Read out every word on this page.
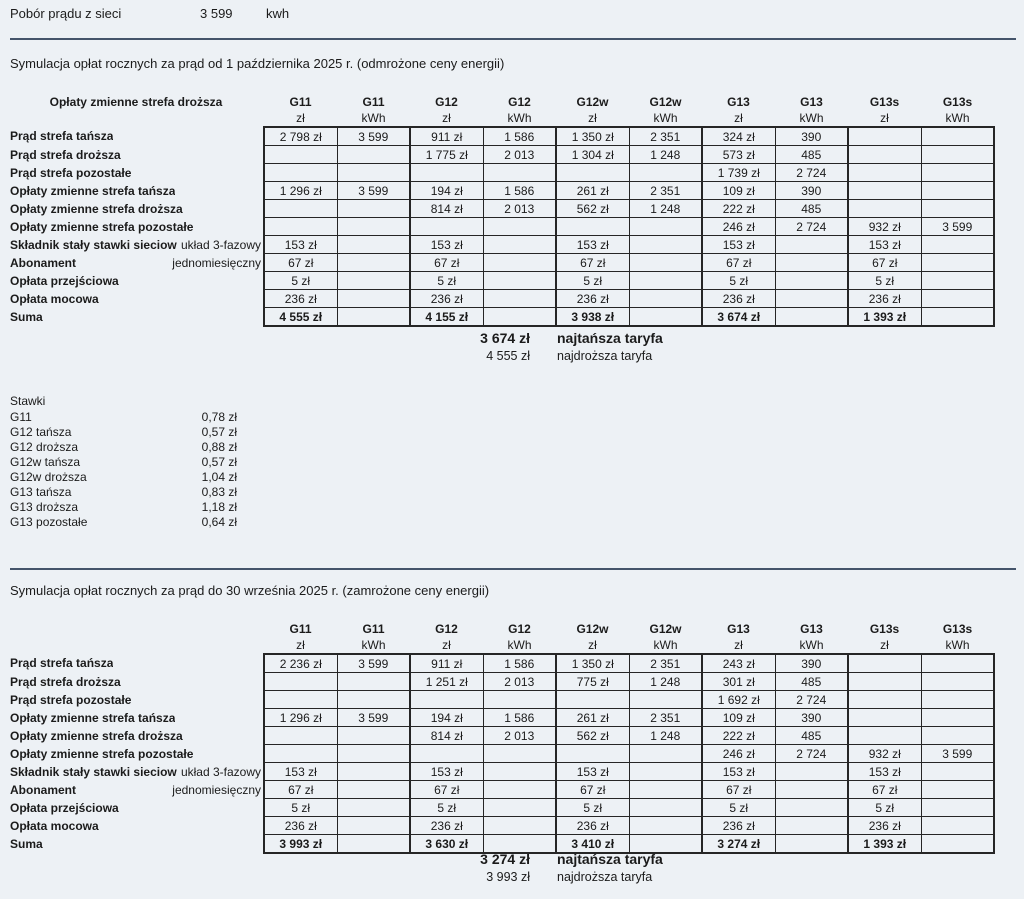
Pobór prądu z sieci	3 599	kwh
Symulacja opłat rocznych za prąd od 1 października 2025 r. (odmrożone ceny energii)
Opłaty zmienne strefa droższa	G11	G11	G12	G12	G12w	G12w	G13	G13	G13s	G13s
	zł	kWh	zł	kWh	zł	kWh	zł	kWh	zł	kWh

Prąd strefa tańsza	2 798 zł	3 599	911 zł	1 586	1 350 zł	2 351	324 zł	390		

Prąd strefa droższa			1 775 zł	2 013	1 304 zł	1 248	573 zł	485		

Prąd strefa pozostałe							1 739 zł	2 724		

Opłaty zmienne strefa tańsza	1 296 zł	3 599	194 zł	1 586	261 zł	2 351	109 zł	390		

Opłaty zmienne strefa droższa			814 zł	2 013	562 zł	1 248	222 zł	485		

Opłaty zmienne strefa pozostałe							246 zł	2 724	932 zł	3 599

Składnik stały stawki sieciow układ 3-fazowy	153 zł		153 zł		153 zł		153 zł		153 zł	

Abonament jednomiesięczny	67 zł		67 zł		67 zł		67 zł		67 zł	

Opłata przejściowa	5 zł		5 zł		5 zł		5 zł		5 zł	

Opłata mocowa	236 zł		236 zł		236 zł		236 zł		236 zł	

Suma	4 555 zł		4 155 zł		3 938 zł		3 674 zł		1 393 zł	
3 674 zł najtańsza taryfa
4 555 zł najdroższa taryfa
Stawki
G11	0,78 zł
G12 tańsza	0,57 zł
G12 droższa	0,88 zł
G12w tańsza	0,57 zł
G12w droższa	1,04 zł
G13 tańsza	0,83 zł
G13 droższa	1,18 zł
G13 pozostałe	0,64 zł
Symulacja opłat rocznych za prąd do 30 września 2025 r. (zamrożone ceny energii)
	G11	G11	G12	G12	G12w	G12w	G13	G13	G13s	G13s
	zł	kWh	zł	kWh	zł	kWh	zł	kWh	zł	kWh

Prąd strefa tańsza	2 236 zł	3 599	911 zł	1 586	1 350 zł	2 351	243 zł	390		

Prąd strefa droższa			1 251 zł	2 013	775 zł	1 248	301 zł	485		

Prąd strefa pozostałe							1 692 zł	2 724		

Opłaty zmienne strefa tańsza	1 296 zł	3 599	194 zł	1 586	261 zł	2 351	109 zł	390		

Opłaty zmienne strefa droższa			814 zł	2 013	562 zł	1 248	222 zł	485		

Opłaty zmienne strefa pozostałe							246 zł	2 724	932 zł	3 599

Składnik stały stawki sieciow układ 3-fazowy	153 zł		153 zł		153 zł		153 zł		153 zł	

Abonament jednomiesięczny	67 zł		67 zł		67 zł		67 zł		67 zł	

Opłata przejściowa	5 zł		5 zł		5 zł		5 zł		5 zł	

Opłata mocowa	236 zł		236 zł		236 zł		236 zł		236 zł	

Suma	3 993 zł		3 630 zł		3 410 zł		3 274 zł		1 393 zł	
3 274 zł najtańsza taryfa
3 993 zł najdroższa taryfa
